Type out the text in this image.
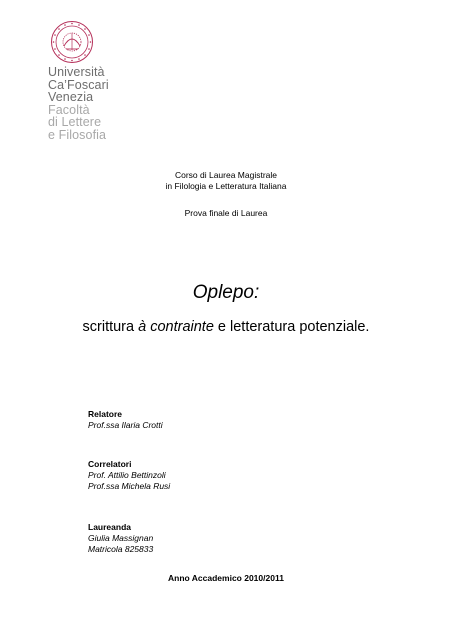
Università
Ca’Foscari
Venezia
Facoltà
di Lettere
e Filosofia
Corso di Laurea Magistrale
in Filologia e Letteratura Italiana
Prova finale di Laurea
Oplepo:
scrittura à contrainte e letteratura potenziale.
Relatore
Prof.ssa Ilaria Crotti
Correlatori
Prof. Attilio Bettinzoli
Prof.ssa Michela Rusi
Laureanda
Giulia Massignan
Matricola 825833
Anno Accademico 2010/2011
